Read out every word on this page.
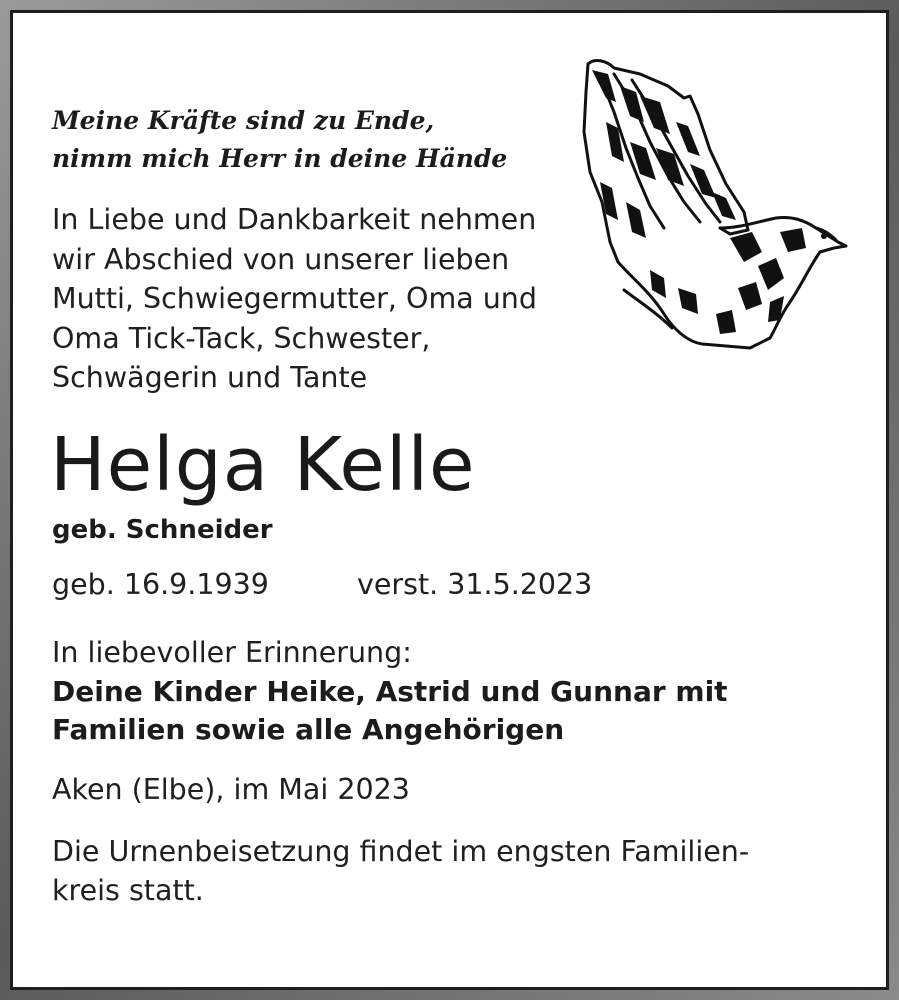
Meine Kräfte sind zu Ende,
nimm mich Herr in deine Hände
In Liebe und Dankbarkeit nehmen
wir Abschied von unserer lieben
Mutti, Schwiegermutter, Oma und
Oma Tick-Tack, Schwester,
Schwägerin und Tante
Helga Kelle
geb. Schneider
geb. 16.9.1939	verst. 31.5.2023
In liebevoller Erinnerung:
Deine Kinder Heike, Astrid und Gunnar mit
Familien sowie alle Angehörigen
Aken (Elbe), im Mai 2023
Die Urnenbeisetzung findet im engsten Familien-
kreis statt.
